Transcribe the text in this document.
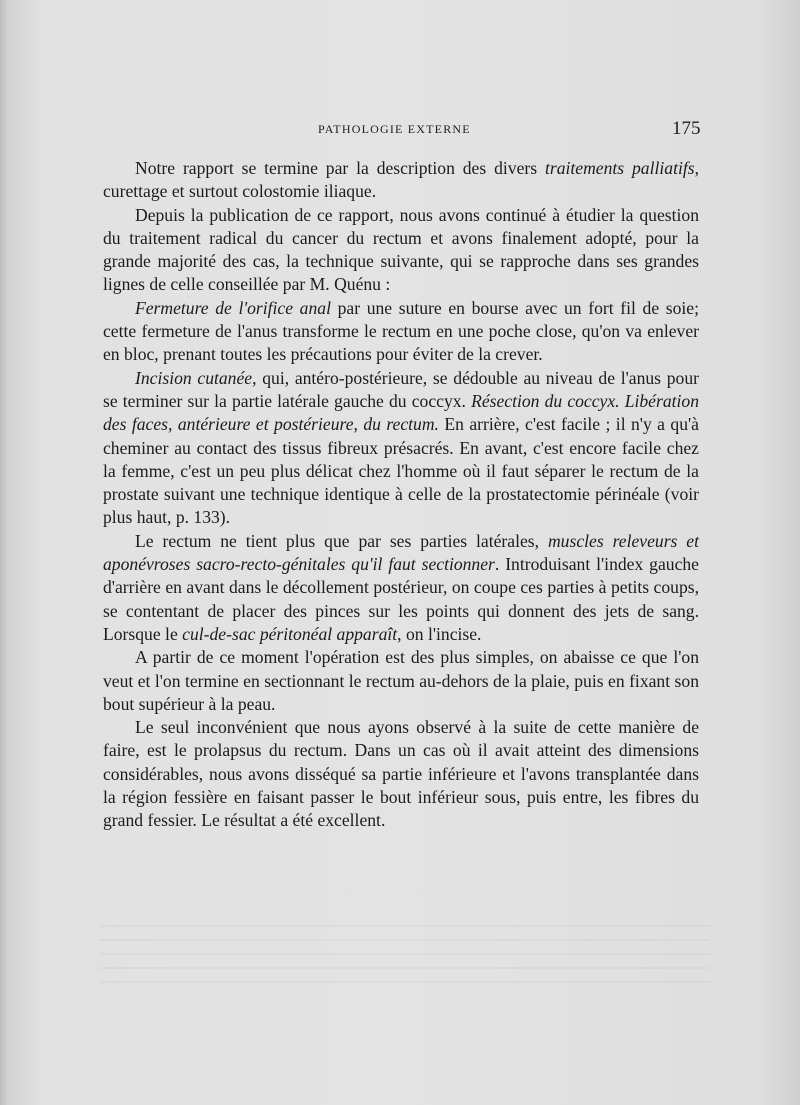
PATHOLOGIE EXTERNE	175

Notre rapport se termine par la description des divers traitements palliatifs, curettage et surtout colostomie iliaque.

Depuis la publication de ce rapport, nous avons continué à étudier la question du traitement radical du cancer du rectum et avons finalement adopté, pour la grande majorité des cas, la technique suivante, qui se rapproche dans ses grandes lignes de celle conseillée par M. Quénu :

Fermeture de l'orifice anal par une suture en bourse avec un fort fil de soie; cette fermeture de l'anus transforme le rectum en une poche close, qu'on va enlever en bloc, prenant toutes les précautions pour éviter de la crever.

Incision cutanée, qui, antéro-postérieure, se dédouble au niveau de l'anus pour se terminer sur la partie latérale gauche du coccyx. Résection du coccyx. Libération des faces, antérieure et postérieure, du rectum. En arrière, c'est facile ; il n'y a qu'à cheminer au contact des tissus fibreux présacrés. En avant, c'est encore facile chez la femme, c'est un peu plus délicat chez l'homme où il faut séparer le rectum de la prostate suivant une technique identique à celle de la prostatectomie périnéale (voir plus haut, p. 133).

Le rectum ne tient plus que par ses parties latérales, muscles releveurs et aponévroses sacro-recto-génitales qu'il faut sectionner. Introduisant l'index gauche d'arrière en avant dans le décollement postérieur, on coupe ces parties à petits coups, se contentant de placer des pinces sur les points qui donnent des jets de sang. Lorsque le cul-de-sac péritonéal apparaît, on l'incise.

A partir de ce moment l'opération est des plus simples, on abaisse ce que l'on veut et l'on termine en sectionnant le rectum au-dehors de la plaie, puis en fixant son bout supérieur à la peau.

Le seul inconvénient que nous ayons observé à la suite de cette manière de faire, est le prolapsus du rectum. Dans un cas où il avait atteint des dimensions considérables, nous avons disséqué sa partie inférieure et l'avons transplantée dans la région fessière en faisant passer le bout inférieur sous, puis entre, les fibres du grand fessier. Le résultat a été excellent.
